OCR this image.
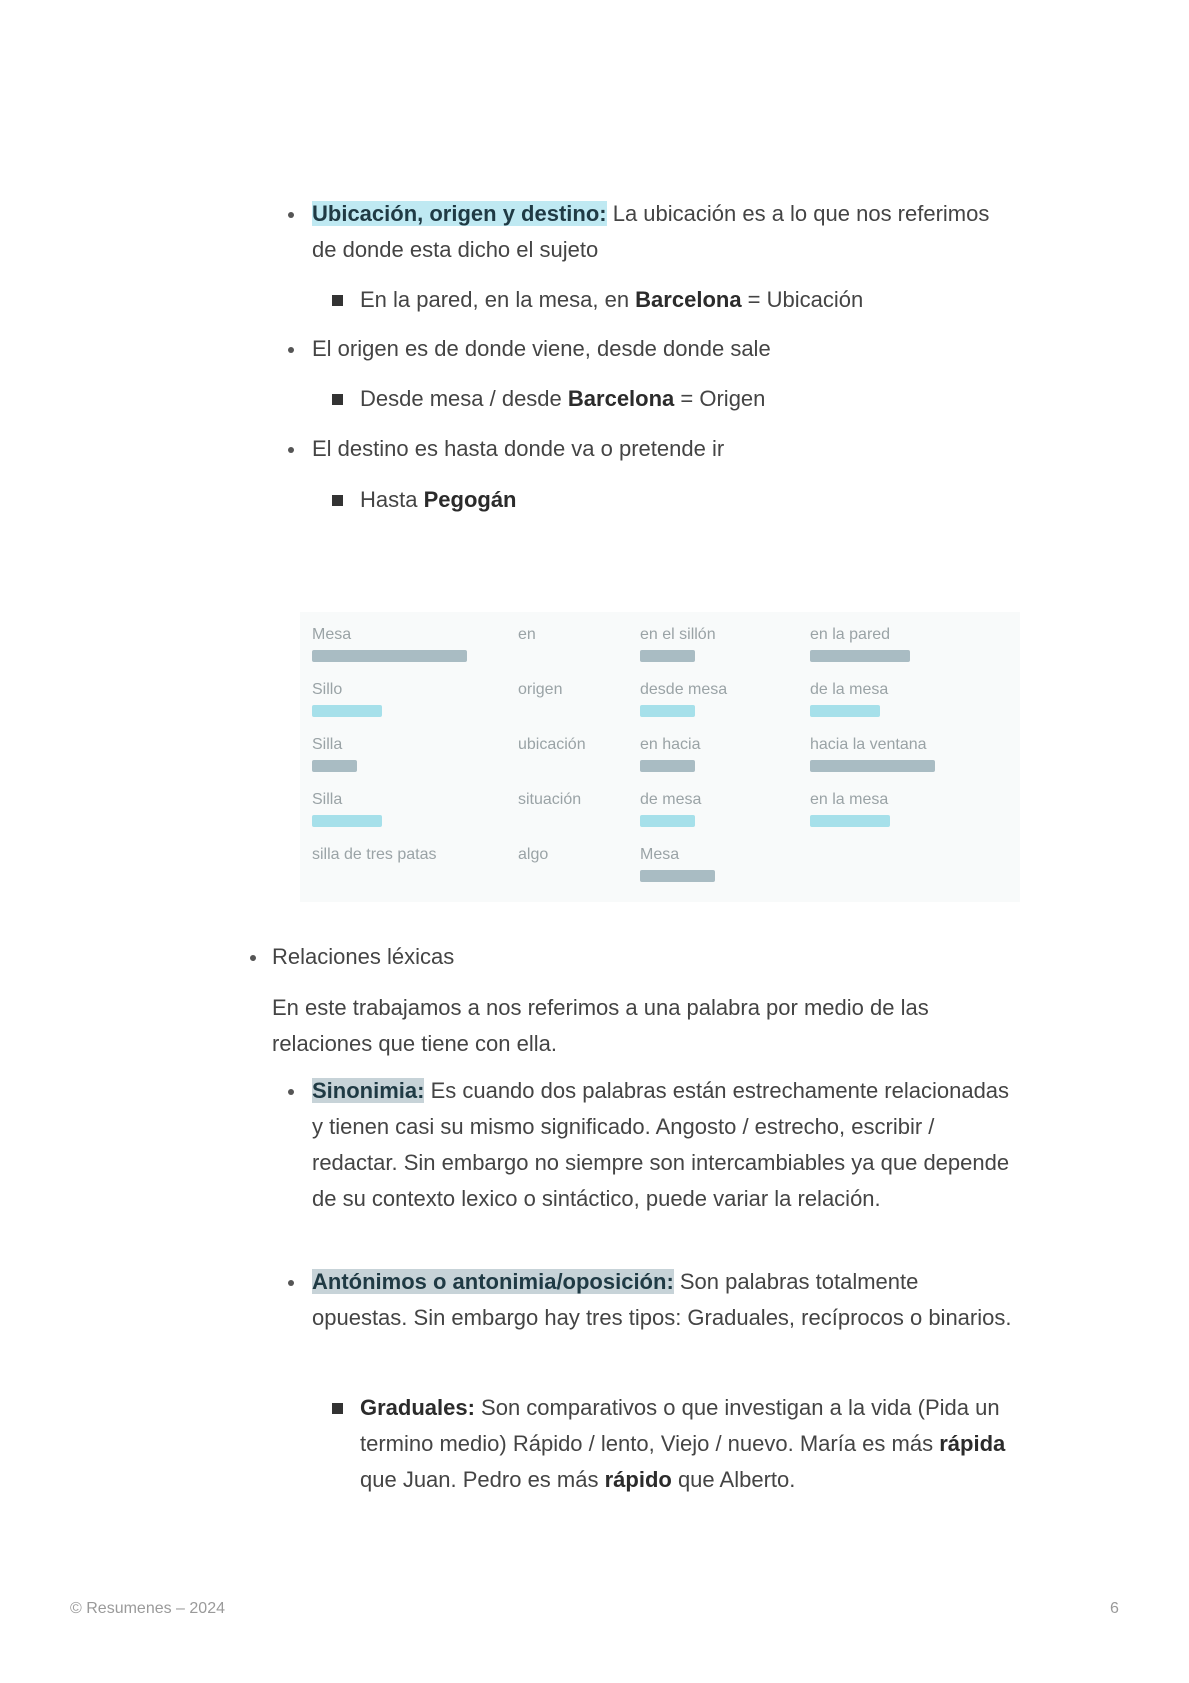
Ubicación, origen y destino: La ubicación es a lo que nos referimos de donde esta dicho el sujeto
En la pared, en la mesa, en Barcelona = Ubicación
El origen es de donde viene, desde donde sale
Desde mesa / desde Barcelona = Origen
El destino es hasta donde va o pretende ir
Hasta Pegogán
Mesa	en	en el sillón	en la pared
Sillo	origen	desde mesa	de la mesa
Silla	ubicación	en hacia	hacia la ventana
Silla	situación	de mesa	en la mesa
silla de tres patas	algo	Mesa
Relaciones léxicas
En este trabajamos a nos referimos a una palabra por medio de las relaciones que tiene con ella.
Sinonimia: Es cuando dos palabras están estrechamente relacionadas y tienen casi su mismo significado. Angosto / estrecho, escribir / redactar. Sin embargo no siempre son intercambiables ya que depende de su contexto lexico o sintáctico, puede variar la relación.
Antónimos o antonimia/oposición: Son palabras totalmente opuestas. Sin embargo hay tres tipos: Graduales, recíprocos o binarios.
Graduales: Son comparativos o que investigan a la vida (Pida un termino medio) Rápido / lento, Viejo / nuevo. María es más rápida que Juan. Pedro es más rápido que Alberto.
© Resumenes – 2024	6
